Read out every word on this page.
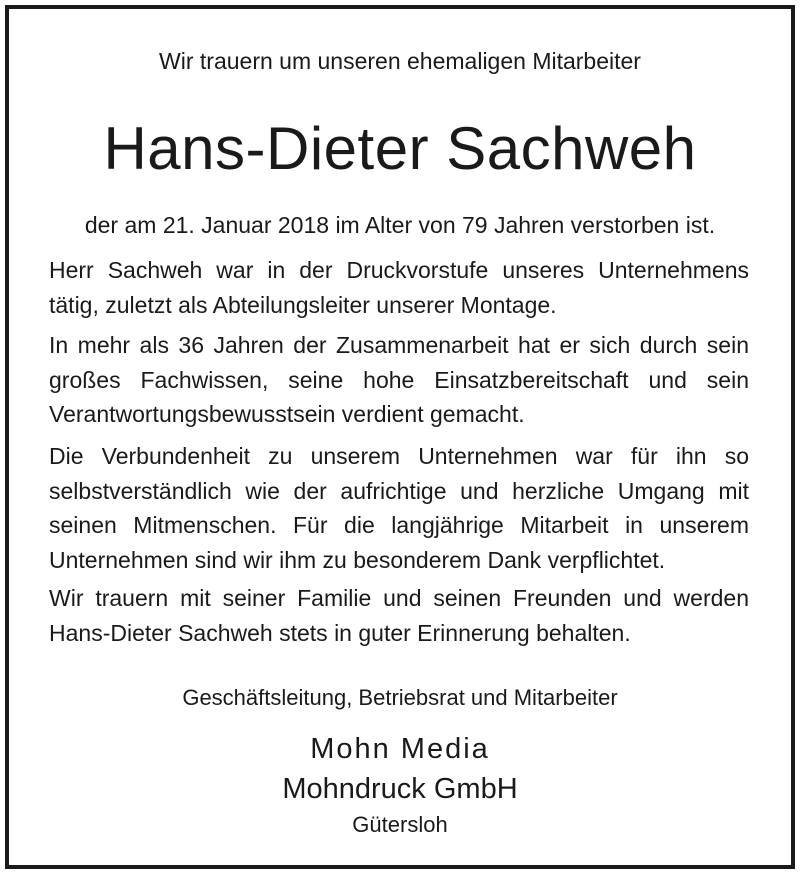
Wir trauern um unseren ehemaligen Mitarbeiter

Hans-Dieter Sachweh

der am 21. Januar 2018 im Alter von 79 Jahren verstorben ist.

Herr Sachweh war in der Druckvorstufe unseres Unternehmens tätig, zuletzt als Abteilungsleiter unserer Montage.

In mehr als 36 Jahren der Zusammenarbeit hat er sich durch sein großes Fachwissen, seine hohe Einsatzbereitschaft und sein Verantwortungsbewusstsein verdient gemacht.

Die Verbundenheit zu unserem Unternehmen war für ihn so selbstverständlich wie der aufrichtige und herzliche Umgang mit seinen Mitmenschen. Für die langjährige Mitarbeit in unserem Unternehmen sind wir ihm zu besonderem Dank verpflichtet.

Wir trauern mit seiner Familie und seinen Freunden und werden Hans-Dieter Sachweh stets in guter Erinnerung behalten.

Geschäftsleitung, Betriebsrat und Mitarbeiter

Mohn Media

Mohndruck GmbH

Gütersloh
